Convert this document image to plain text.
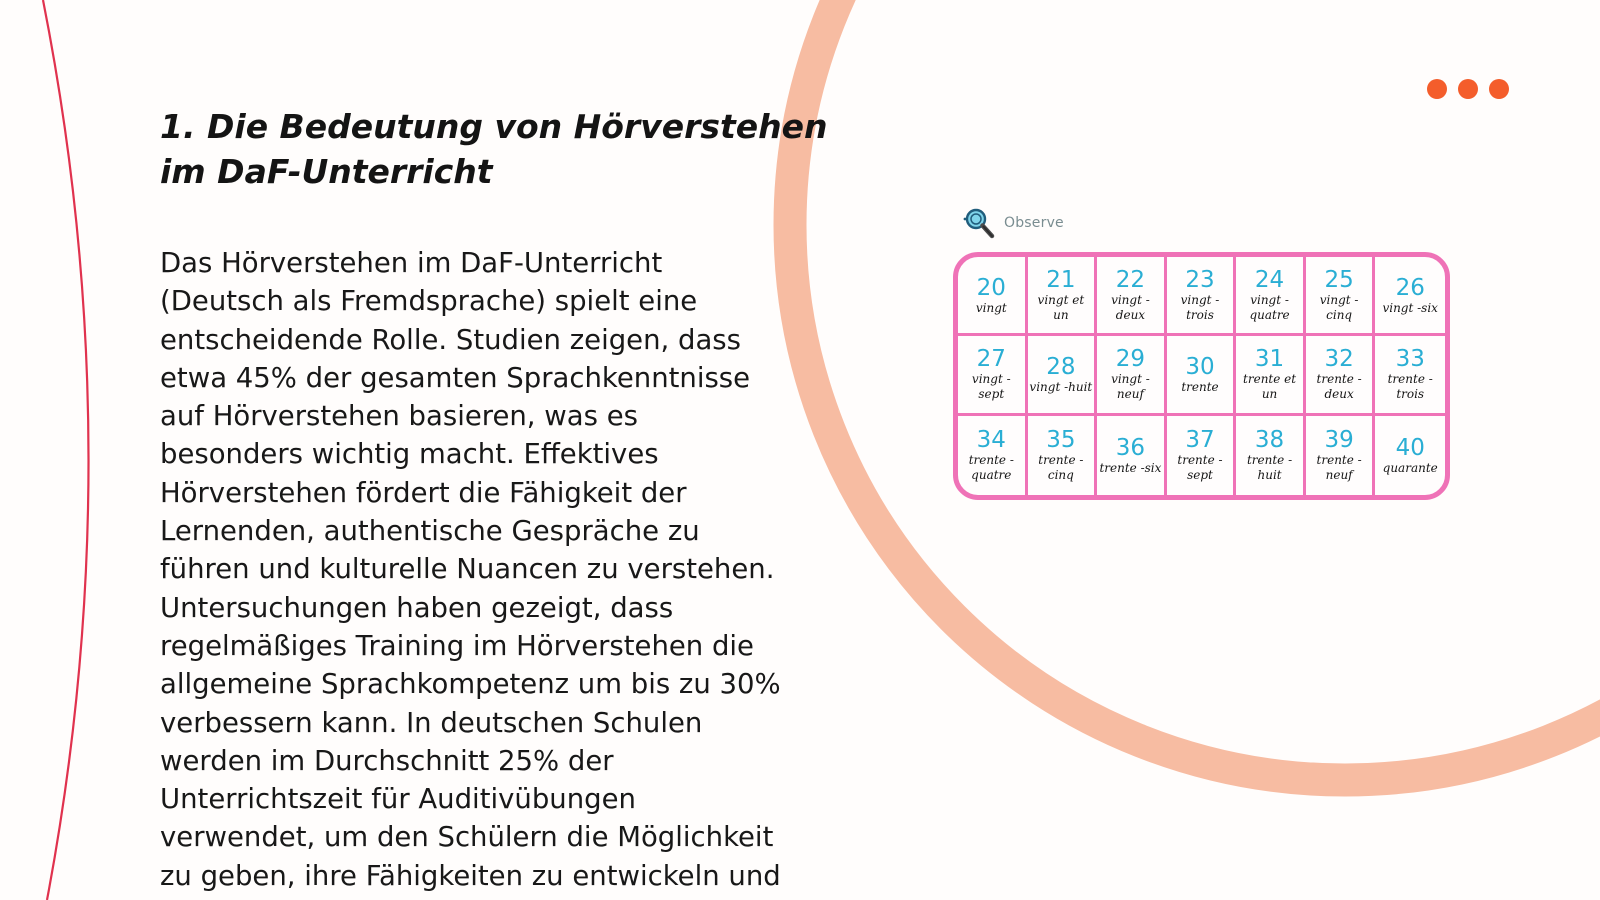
1. Die Bedeutung von Hörverstehen im DaF-Unterricht

Das Hörverstehen im DaF-Unterricht
(Deutsch als Fremdsprache) spielt eine
entscheidende Rolle. Studien zeigen, dass
etwa 45% der gesamten Sprachkenntnisse
auf Hörverstehen basieren, was es
besonders wichtig macht. Effektives
Hörverstehen fördert die Fähigkeit der
Lernenden, authentische Gespräche zu
führen und kulturelle Nuancen zu verstehen.
Untersuchungen haben gezeigt, dass
regelmäßiges Training im Hörverstehen die
allgemeine Sprachkompetenz um bis zu 30%
verbessern kann. In deutschen Schulen
werden im Durchschnitt 25% der
Unterrichtszeit für Auditivübungen
verwendet, um den Schülern die Möglichkeit
zu geben, ihre Fähigkeiten zu entwickeln und

Observe
20
vingt
21
vingt et un
22
vingt -deux
23
vingt -trois
24
vingt -quatre
25
vingt -cinq
26
vingt -six
27
vingt -sept
28
vingt -huit
29
vingt -neuf
30
trente
31
trente et un
32
trente -deux
33
trente -trois
34
trente -quatre
35
trente -cinq
36
trente -six
37
trente -sept
38
trente -huit
39
trente -neuf
40
quarante
